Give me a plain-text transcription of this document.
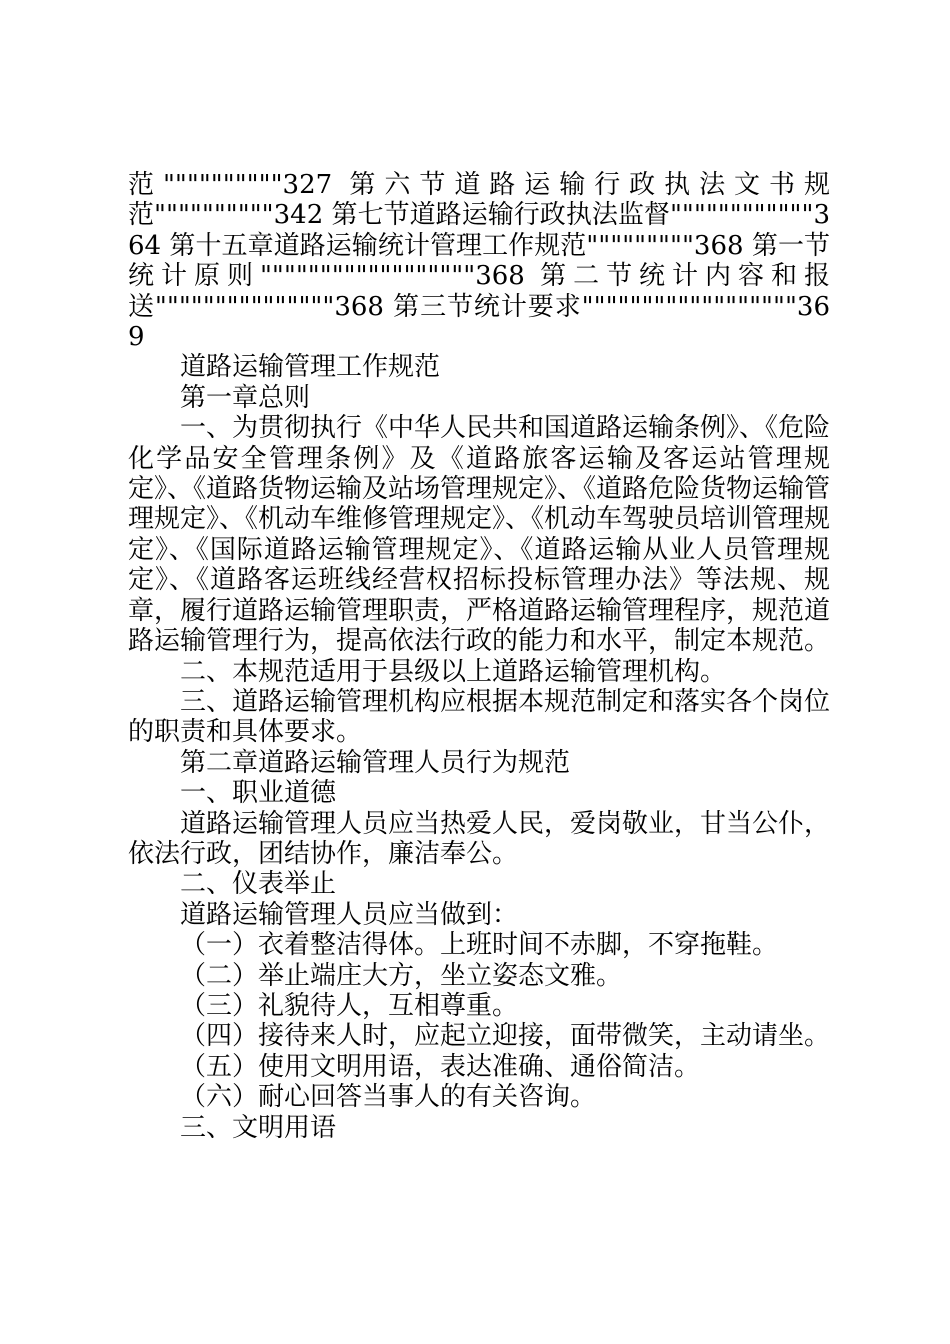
范""""""""""327 第六节道路运输行政执法文书规范""""""""""342 第七节道路运输行政执法监督""""""""""""364 第十五章道路运输统计管理工作规范"""""""""368 第一节统计原则""""""""""""""""""368 第二节统计内容和报送"""""""""""""""368 第三节统计要求""""""""""""""""""369

道路运输管理工作规范

第一章总则

一、为贯彻执行《中华人民共和国道路运输条例》、《危险化学品安全管理条例》及《道路旅客运输及客运站管理规定》、《道路货物运输及站场管理规定》、《道路危险货物运输管理规定》、《机动车维修管理规定》、《机动车驾驶员培训管理规定》、《国际道路运输管理规定》、《道路运输从业人员管理规定》、《道路客运班线经营权招标投标管理办法》等法规、规章，履行道路运输管理职责，严格道路运输管理程序，规范道路运输管理行为，提高依法行政的能力和水平，制定本规范。

二、本规范适用于县级以上道路运输管理机构。

三、道路运输管理机构应根据本规范制定和落实各个岗位的职责和具体要求。

第二章道路运输管理人员行为规范

一、职业道德

道路运输管理人员应当热爱人民，爱岗敬业，甘当公仆，依法行政，团结协作，廉洁奉公。

二、仪表举止

道路运输管理人员应当做到：

（一）衣着整洁得体。上班时间不赤脚，不穿拖鞋。

（二）举止端庄大方，坐立姿态文雅。

（三）礼貌待人，互相尊重。

（四）接待来人时，应起立迎接，面带微笑，主动请坐。

（五）使用文明用语，表达准确、通俗简洁。

（六）耐心回答当事人的有关咨询。

三、文明用语
